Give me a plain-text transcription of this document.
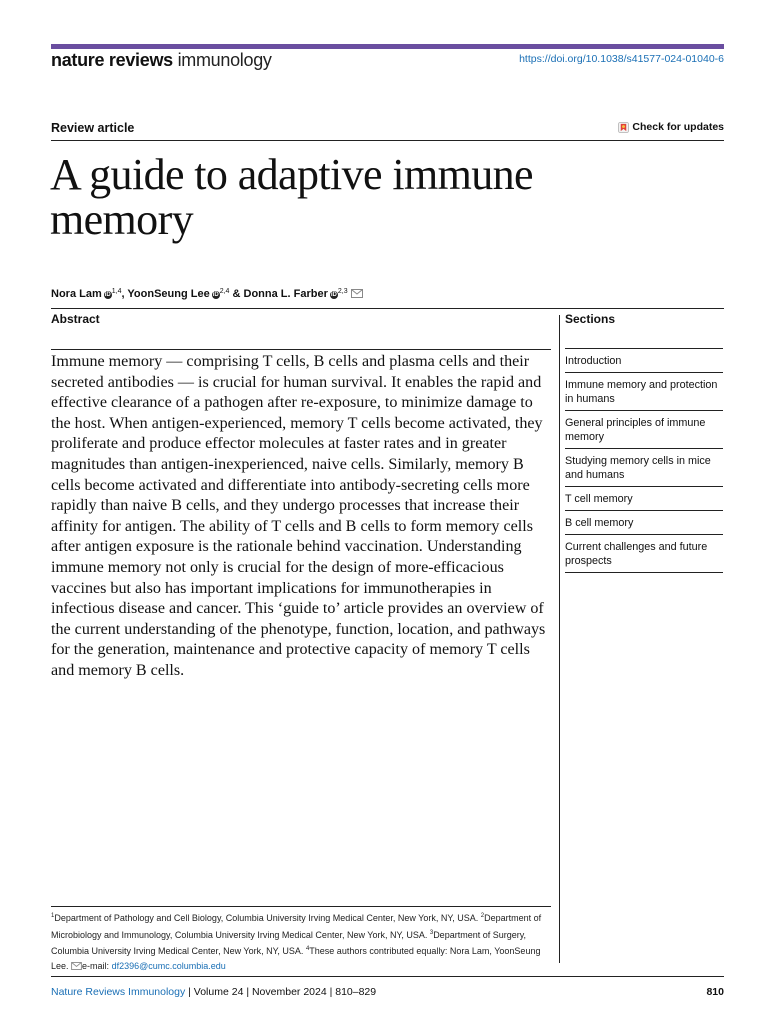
nature reviews immunology	https://doi.org/10.1038/s41577-024-01040-6
Review article	Check for updates
A guide to adaptive immune memory
Nora Lam iD$^{1,4}$, YoonSeung Lee iD$^{2,4}$ & Donna L. Farber iD$^{2,3}$
Abstract

Immune memory — comprising T cells, B cells and plasma cells and their secreted antibodies — is crucial for human survival. It enables the rapid and effective clearance of a pathogen after re-exposure, to minimize damage to the host. When antigen-experienced, memory T cells become activated, they proliferate and produce effector molecules at faster rates and in greater magnitudes than antigen-inexperienced, naive cells. Similarly, memory B cells become activated and differentiate into antibody-secreting cells more rapidly than naive B cells, and they undergo processes that increase their affinity for antigen. The ability of T cells and B cells to form memory cells after antigen exposure is the rationale behind vaccination. Understanding immune memory not only is crucial for the design of more-efficacious vaccines but also has important implications for immunotherapies in infectious disease and cancer. This ‘guide to’ article provides an overview of the current understanding of the phenotype, function, location, and pathways for the generation, maintenance and protective capacity of memory T cells and memory B cells.

Sections

Introduction
Immune memory and protection in humans
General principles of immune memory
Studying memory cells in mice and humans
T cell memory
B cell memory
Current challenges and future prospects
$^1$Department of Pathology and Cell Biology, Columbia University Irving Medical Center, New York, NY, USA. $^2$Department of Microbiology and Immunology, Columbia University Irving Medical Center, New York, NY, USA. $^3$Department of Surgery, Columbia University Irving Medical Center, New York, NY, USA. $^4$These authors contributed equally: Nora Lam, YoonSeung Lee. e-mail: df2396@cumc.columbia.edu
Nature Reviews Immunology | Volume 24 | November 2024 | 810–829	810
